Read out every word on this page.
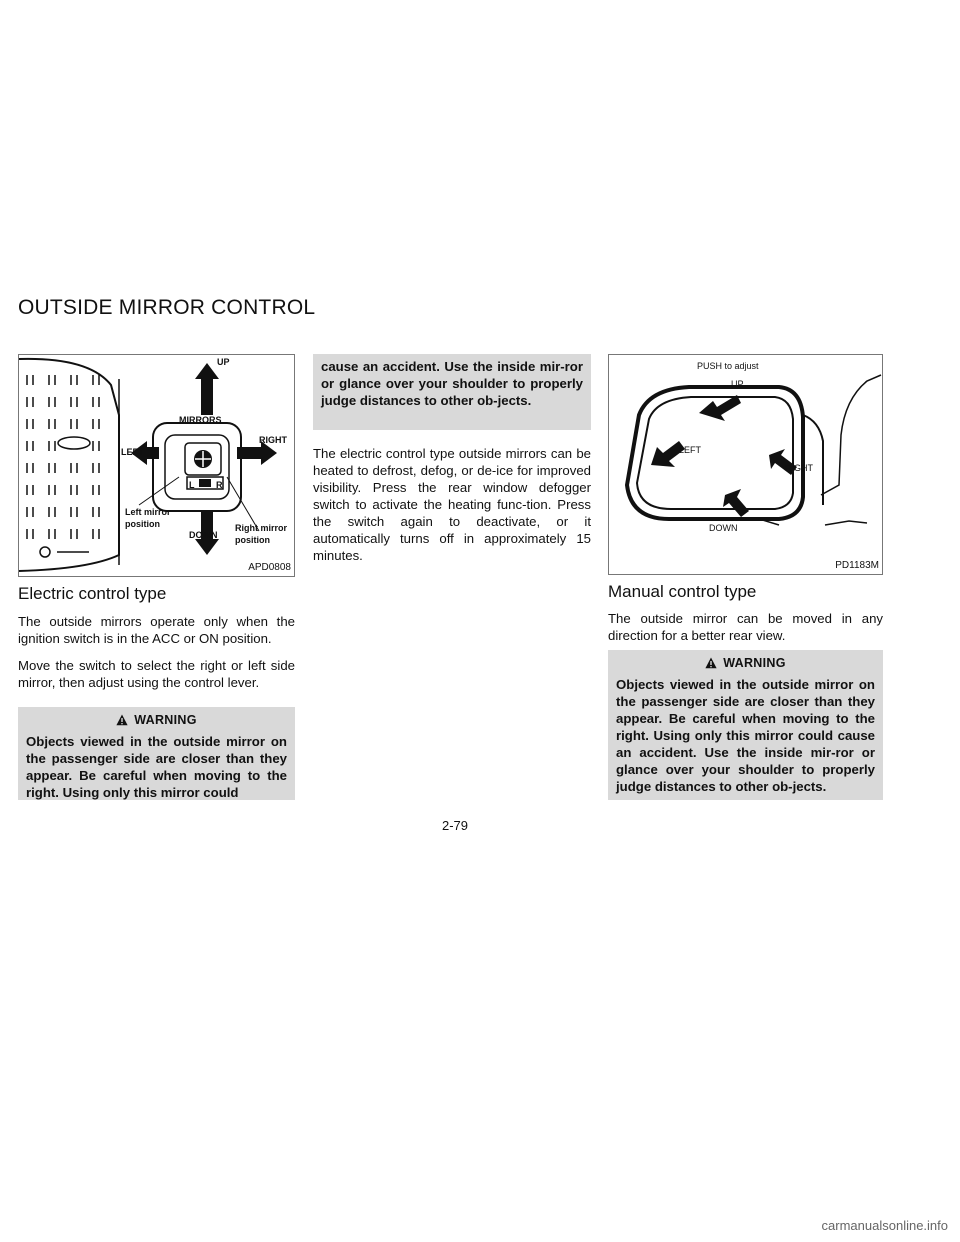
OUTSIDE MIRROR CONTROL
UP
MIRRORS
LEFT
RIGHT
L R
DOWN
Left mirror
position	Right mirror
position
APD0808
Electric control type
The outside mirrors operate only when the ignition switch is in the ACC or ON position.
Move the switch to select the right or left side mirror, then adjust using the control lever.
WARNING
Objects viewed in the outside mirror on the passenger side are closer than they appear. Be careful when moving to the right. Using only this mirror could
cause an accident. Use the inside mir-ror or glance over your shoulder to properly judge distances to other ob-jects.
The electric control type outside mirrors can be heated to defrost, defog, or de-ice for improved visibility. Press the rear window defogger switch to activate the heating func-tion. Press the switch again to deactivate, or it automatically turns off in approximately 15 minutes.
PUSH to adjust
UP
LEFT
RIGHT
DOWN
PD1183M
Manual control type
The outside mirror can be moved in any direction for a better rear view.
WARNING
Objects viewed in the outside mirror on the passenger side are closer than they appear. Be careful when moving to the right. Using only this mirror could cause an accident. Use the inside mir-ror or glance over your shoulder to properly judge distances to other ob-jects.
2-79
carmanualsonline.info
